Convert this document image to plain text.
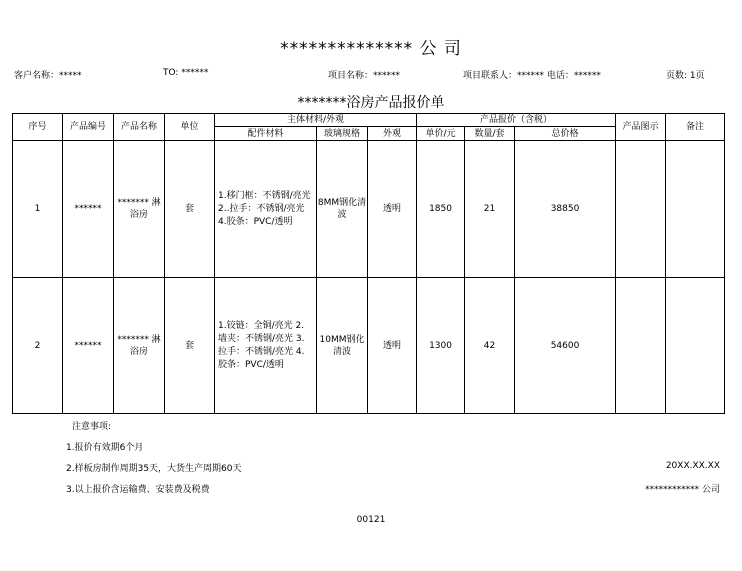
************** 公 司
客户名称：*****	TO: ******	项目名称：******	项目联系人：****** 电话：******	页数: 1页
*******浴房产品报价单
序号	产品编号	产品名称	单位	主体材料/外观			产品报价（含税）			产品图示	备注
				配件材料	玻璃规格	外观	单价/元	数量/套	总价格		
1	******	******* 淋浴房	套	1.移门框：不锈钢/亮光 2..拉手：不锈钢/亮光 4.胶条：PVC/透明	8MM钢化清波	透明	1850	21	38850		
2	******	******* 淋浴房	套	1.铰链：全铜/亮光 2.墙夹：不锈钢/亮光 3.拉手：不锈钢/亮光 4.胶条：PVC/透明	10MM钢化清波	透明	1300	42	54600		
注意事项:
1.报价有效期6个月
2.样板房制作周期35天，大货生产周期60天
3.以上报价含运输费、安装费及税费
20XX.XX.XX
************ 公司
00121
